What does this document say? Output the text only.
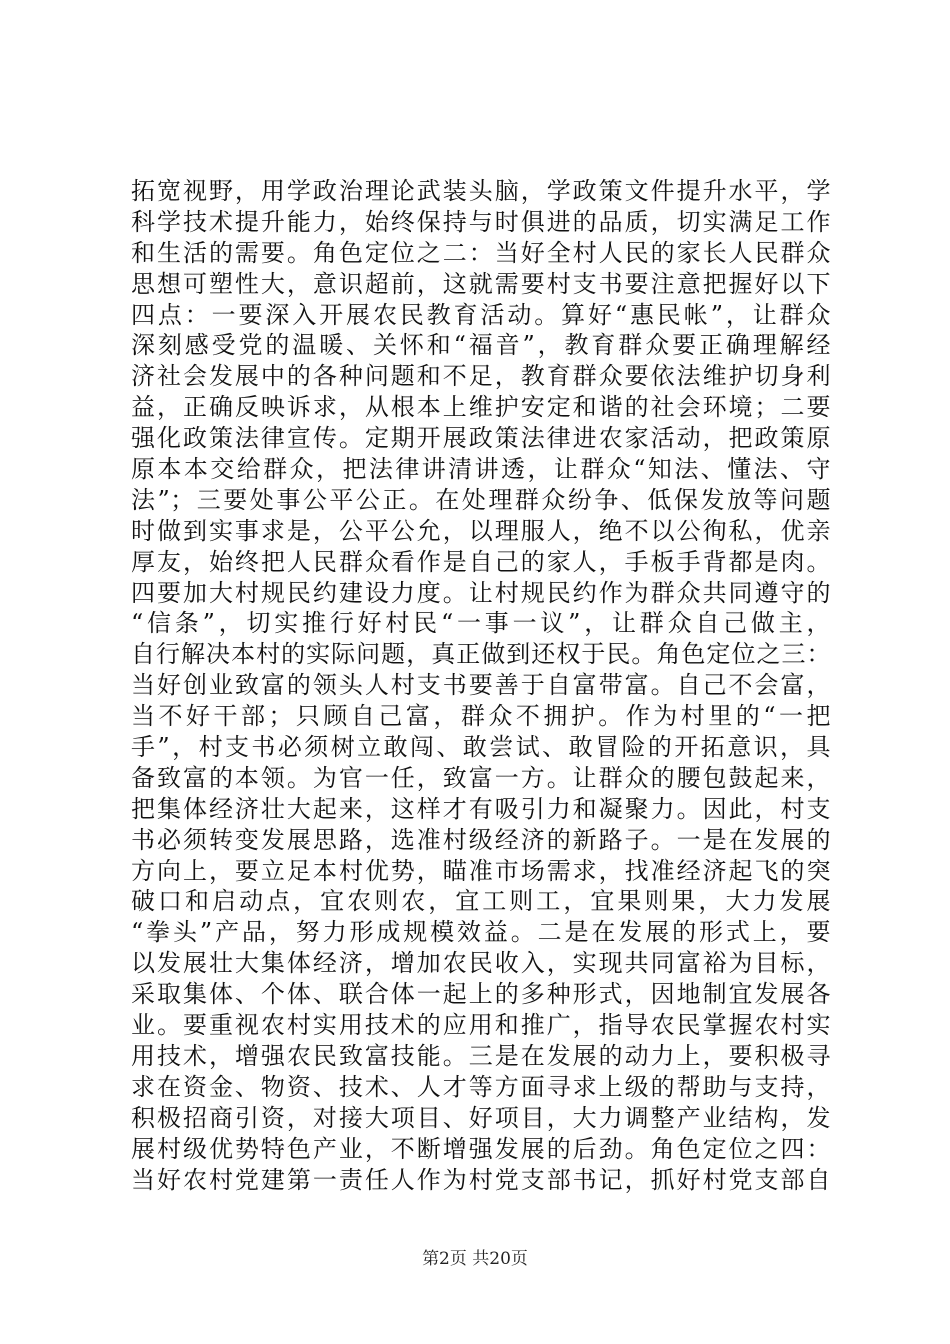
拓宽视野，用学政治理论武装头脑，学政策文件提升水平，学
科学技术提升能力，始终保持与时俱进的品质，切实满足工作
和生活的需要。角色定位之二：当好全村人民的家长人民群众
思想可塑性大，意识超前，这就需要村支书要注意把握好以下
四点：一要深入开展农民教育活动。算好“惠民帐”，让群众
深刻感受党的温暖、关怀和“福音”，教育群众要正确理解经
济社会发展中的各种问题和不足，教育群众要依法维护切身利
益，正确反映诉求，从根本上维护安定和谐的社会环境；二要
强化政策法律宣传。定期开展政策法律进农家活动，把政策原
原本本交给群众，把法律讲清讲透，让群众“知法、懂法、守
法”；三要处事公平公正。在处理群众纷争、低保发放等问题
时做到实事求是，公平公允，以理服人，绝不以公徇私，优亲
厚友，始终把人民群众看作是自己的家人，手板手背都是肉。
四要加大村规民约建设力度。让村规民约作为群众共同遵守的
“信条”，切实推行好村民“一事一议”，让群众自己做主，
自行解决本村的实际问题，真正做到还权于民。角色定位之三：
当好创业致富的领头人村支书要善于自富带富。自己不会富，
当不好干部；只顾自己富，群众不拥护。作为村里的“一把
手”，村支书必须树立敢闯、敢尝试、敢冒险的开拓意识，具
备致富的本领。为官一任，致富一方。让群众的腰包鼓起来，
把集体经济壮大起来，这样才有吸引力和凝聚力。因此，村支
书必须转变发展思路，选准村级经济的新路子。一是在发展的
方向上，要立足本村优势，瞄准市场需求，找准经济起飞的突
破口和启动点，宜农则农，宜工则工，宜果则果，大力发展
“拳头”产品，努力形成规模效益。二是在发展的形式上，要
以发展壮大集体经济，增加农民收入，实现共同富裕为目标，
采取集体、个体、联合体一起上的多种形式，因地制宜发展各
业。要重视农村实用技术的应用和推广，指导农民掌握农村实
用技术，增强农民致富技能。三是在发展的动力上，要积极寻
求在资金、物资、技术、人才等方面寻求上级的帮助与支持，
积极招商引资，对接大项目、好项目，大力调整产业结构，发
展村级优势特色产业，不断增强发展的后劲。角色定位之四：
当好农村党建第一责任人作为村党支部书记，抓好村党支部自
第2页 共20页
